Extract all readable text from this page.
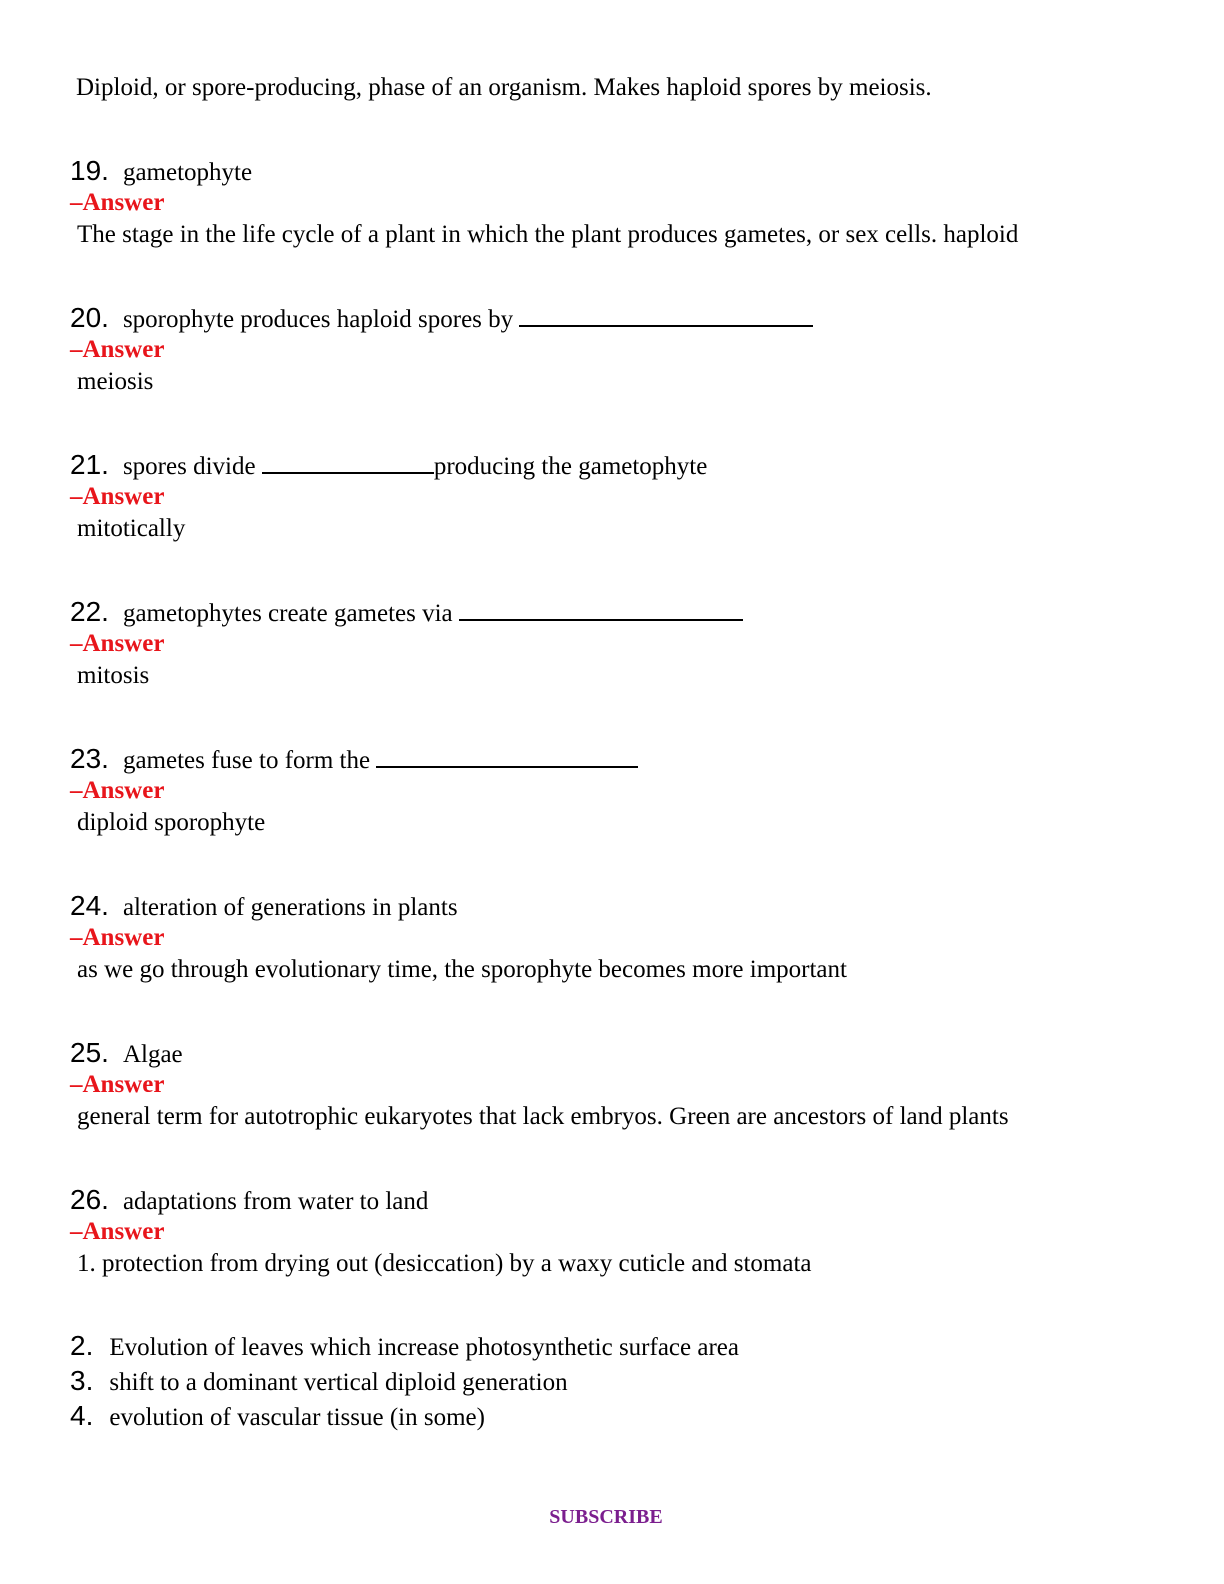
Diploid, or spore-producing, phase of an organism. Makes haploid spores by meiosis.
19. gametophyte
–Answer
The stage in the life cycle of a plant in which the plant produces gametes, or sex cells. haploid
20. sporophyte produces haploid spores by
–Answer
meiosis
21. spores divide	producing the gametophyte
–Answer
mitotically
22. gametophytes create gametes via
–Answer
mitosis
23. gametes fuse to form the
–Answer
diploid sporophyte
24. alteration of generations in plants
–Answer
as we go through evolutionary time, the sporophyte becomes more important
25. Algae
–Answer
general term for autotrophic eukaryotes that lack embryos. Green are ancestors of land plants
26. adaptations from water to land
–Answer
1. protection from drying out (desiccation) by a waxy cuticle and stomata
2. Evolution of leaves which increase photosynthetic surface area
3. shift to a dominant vertical diploid generation
4. evolution of vascular tissue (in some)
SUBSCRIBE
